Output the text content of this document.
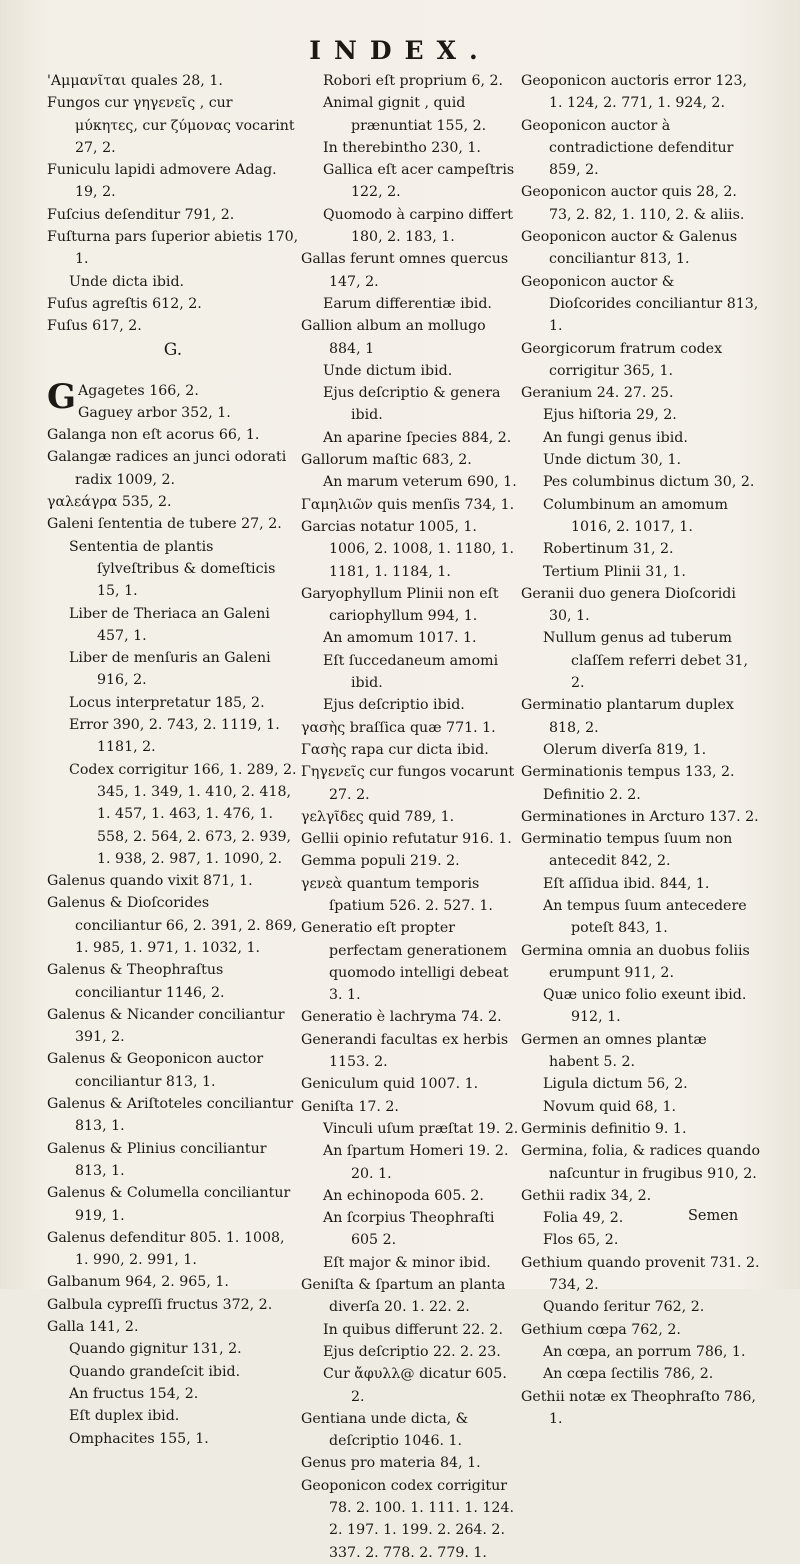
INDEX.
'Αμμανῖται quales 28, 1.
Fungos cur γηγενεῖς , cur μύκητες, cur ζύμονας vocarint 27, 2.
Funiculu lapidi admovere Adag. 19, 2.
Fuſcius deſenditur 791, 2.
Fuſturna pars ſuperior abietis 170, 1.
Unde dicta ibid.
Fuſus agreſtis 612, 2.
Fuſus 617, 2.
G.
G Agagetes 166, 2.
Gaguey arbor 352, 1.
Galanga non eſt acorus 66, 1.
Galangæ radices an junci odorati radix 1009, 2.
γαλεάγρα 535, 2.
Galeni ſententia de tubere 27, 2.
Sententia de plantis ſylveſtribus & domeſticis 15, 1.
Liber de Theriaca an Galeni 457, 1.
Liber de menſuris an Galeni 916, 2.
Locus interpretatur 185, 2.
Error 390, 2. 743, 2. 1119, 1. 1181, 2.
Codex corrigitur 166, 1. 289, 2. 345, 1. 349, 1. 410, 2. 418, 1. 457, 1. 463, 1. 476, 1. 558, 2. 564, 2. 673, 2. 939, 1. 938, 2. 987, 1. 1090, 2.
Galenus quando vixit 871, 1.
Galenus & Dioſcorides conciliantur 66, 2. 391, 2. 869, 1. 985, 1. 971, 1. 1032, 1.
Galenus & Theophraſtus conciliantur 1146, 2.
Galenus & Nicander conciliantur 391, 2.
Galenus & Geoponicon auctor conciliantur 813, 1.
Galenus & Ariſtoteles conciliantur 813, 1.
Galenus & Plinius conciliantur 813, 1.
Galenus & Columella conciliantur 919, 1.
Galenus defenditur 805. 1. 1008, 1. 990, 2. 991, 1.
Galbanum 964, 2. 965, 1.
Galbula cypreſſi fructus 372, 2.
Galla 141, 2.
Quando gignitur 131, 2.
Quando grandeſcit ibid.
An fructus 154, 2.
Eſt duplex ibid.
Omphacites 155, 1.
Robori eſt proprium 6, 2.
Animal gignit , quid prænuntiat 155, 2.
In therebintho 230, 1.
Gallica eſt acer campeſtris 122, 2.
Quomodo à carpino differt 180, 2. 183, 1.
Gallas ferunt omnes quercus 147, 2.
Earum differentiæ ibid.
Gallion album an mollugo 884, 1
Unde dictum ibid.
Ejus deſcriptio & genera ibid.
An aparine ſpecies 884, 2.
Gallorum maſtic 683, 2.
An marum veterum 690, 1.
Γαμηλιῶν quis menſis 734, 1.
Garcias notatur 1005, 1. 1006, 2. 1008, 1. 1180, 1. 1181, 1. 1184, 1.
Garyophyllum Plinii non eſt cariophyllum 994, 1.
An amomum 1017. 1.
Eſt ſuccedaneum amomi ibid.
Ejus deſcriptio ibid.
γασὴς braſſica quæ 771. 1.
Γασὴς rapa cur dicta ibid.
Γηγενεῖς cur fungos vocarunt 27. 2.
γελγῖδες quid 789, 1.
Gellii opinio refutatur 916. 1.
Gemma populi 219. 2.
γενεὰ quantum temporis ſpatium 526. 2. 527. 1.
Generatio eſt propter perfectam generationem quomodo intelligi debeat 3. 1.
Generatio è lachryma 74. 2.
Generandi facultas ex herbis 1153. 2.
Geniculum quid 1007. 1.
Geniſta 17. 2.
Vinculi uſum præſtat 19. 2.
An ſpartum Homeri 19. 2. 20. 1.
An echinopoda 605. 2.
An ſcorpius Theophraſti 605 2.
Eſt major & minor ibid.
Geniſta & ſpartum an planta diverſa 20. 1. 22. 2.
In quibus differunt 22. 2.
Ejus deſcriptio 22. 2. 23.
Cur ἄφυλλ@ dicatur 605. 2.
Gentiana unde dicta, & deſcriptio 1046. 1.
Genus pro materia 84, 1.
Geoponicon codex corrigitur 78. 2. 100. 1. 111. 1. 124. 2. 197. 1. 199. 2. 264. 2. 337. 2. 778. 2. 779. 1.
Geoponicon auctoris error 123, 1. 124, 2. 771, 1. 924, 2.
Geoponicon auctor à contradictione defenditur 859, 2.
Geoponicon auctor quis 28, 2. 73, 2. 82, 1. 110, 2. & aliis.
Geoponicon auctor & Galenus conciliantur 813, 1.
Geoponicon auctor & Dioſcorides conciliantur 813, 1.
Georgicorum fratrum codex corrigitur 365, 1.
Geranium 24. 27. 25.
Ejus hiſtoria 29, 2.
An fungi genus ibid.
Unde dictum 30, 1.
Pes columbinus dictum 30, 2.
Columbinum an amomum 1016, 2. 1017, 1.
Robertinum 31, 2.
Tertium Plinii 31, 1.
Geranii duo genera Dioſcoridi 30, 1.
Nullum genus ad tuberum claſſem referri debet 31, 2.
Germinatio plantarum duplex 818, 2.
Olerum diverſa 819, 1.
Germinationis tempus 133, 2.
Definitio 2. 2.
Germinationes in Arcturo 137. 2.
Germinatio tempus ſuum non antecedit 842, 2.
Eſt aſſidua ibid. 844, 1.
An tempus ſuum antecedere poteſt 843, 1.
Germina omnia an duobus foliis erumpunt 911, 2.
Quæ unico folio exeunt ibid. 912, 1.
Germen an omnes plantæ habent 5. 2.
Ligula dictum 56, 2.
Novum quid 68, 1.
Germinis definitio 9. 1.
Germina, folia, & radices quando naſcuntur in frugibus 910, 2.
Gethii radix 34, 2.
Folia 49, 2.
Flos 65, 2.
Gethium quando provenit 731. 2. 734, 2.
Quando ſeritur 762, 2.
Gethium cœpa 762, 2.
An cœpa, an porrum 786, 1.
An cœpa ſectilis 786, 2.
Gethii notæ ex Theophraſto 786, 1.
Semen
